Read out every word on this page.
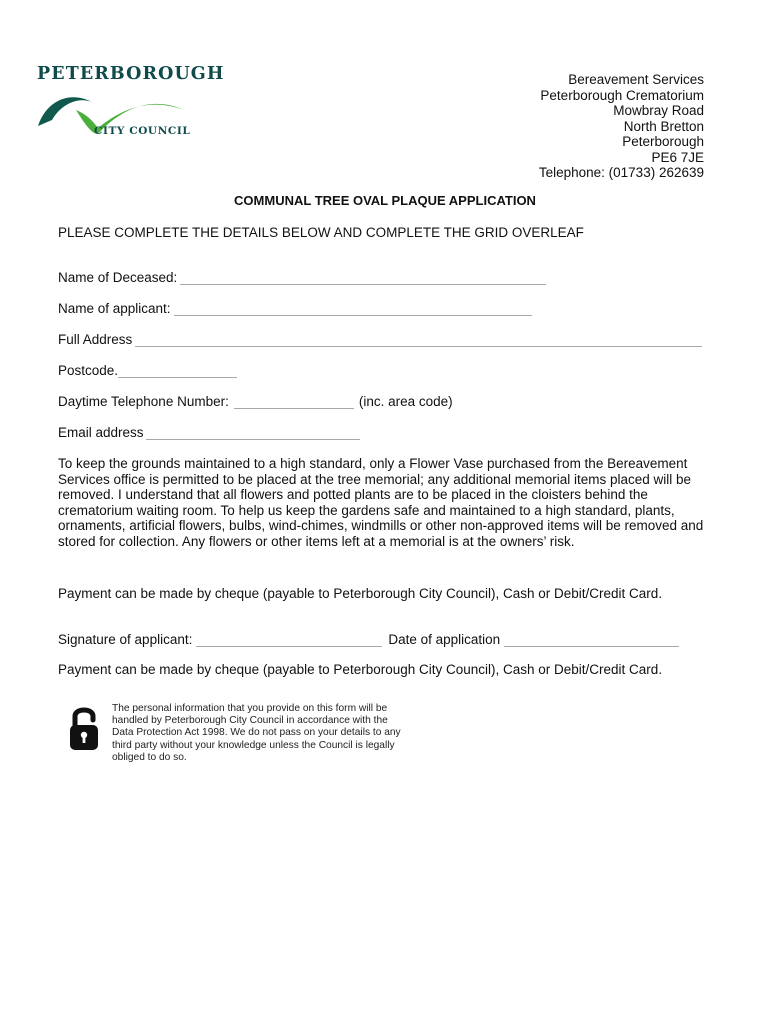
PETERBOROUGH
CITY COUNCIL
Bereavement Services
Peterborough Crematorium
Mowbray Road
North Bretton
Peterborough
PE6 7JE
Telephone: (01733) 262639
COMMUNAL TREE OVAL PLAQUE APPLICATION
PLEASE COMPLETE THE DETAILS BELOW AND COMPLETE THE GRID OVERLEAF
Name of Deceased:
Name of applicant:
Full Address
Postcode.
Daytime Telephone Number:	(inc. area code)
Email address
To keep the grounds maintained to a high standard, only a Flower Vase purchased from the Bereavement Services office is permitted to be placed at the tree memorial; any additional memorial items placed will be removed. I understand that all flowers and potted plants are to be placed in the cloisters behind the crematorium waiting room. To help us keep the gardens safe and maintained to a high standard, plants, ornaments, artificial flowers, bulbs, wind-chimes, windmills or other non-approved items will be removed and stored for collection. Any flowers or other items left at a memorial is at the owners’ risk.
Payment can be made by cheque (payable to Peterborough City Council), Cash or Debit/Credit Card.
Signature of applicant:	Date of application
Payment can be made by cheque (payable to Peterborough City Council), Cash or Debit/Credit Card.
The personal information that you provide on this form will be handled by Peterborough City Council in accordance with the Data Protection Act 1998. We do not pass on your details to any third party without your knowledge unless the Council is legally obliged to do so.
